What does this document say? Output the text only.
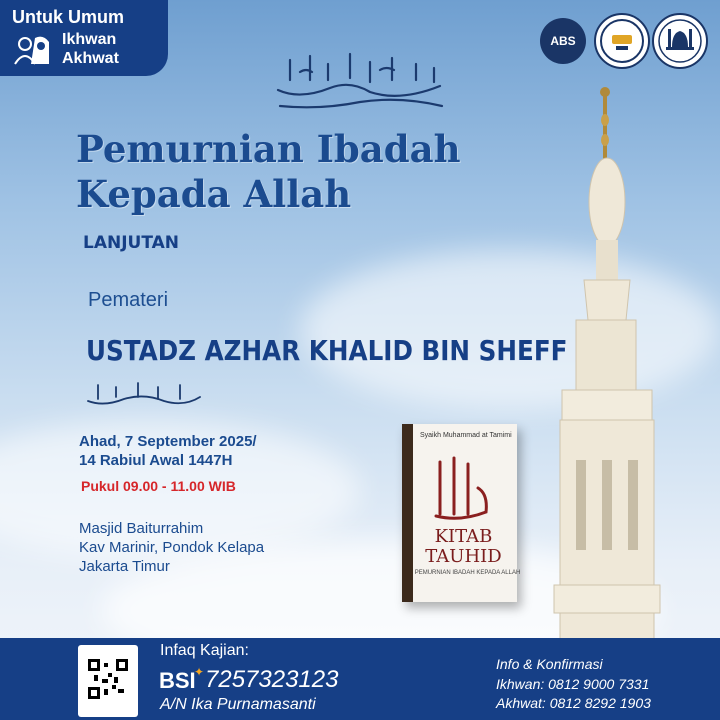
Untuk Umum
Ikhwan
Akhwat
ABS
Pemurnian Ibadah
Kepada Allah
LANJUTAN
Pemateri
USTADZ AZHAR KHALID BIN SHEFF
Ahad, 7 September 2025/
14 Rabiul Awal 1447H
Pukul 09.00 - 11.00 WIB
Masjid Baiturrahim
Kav Marinir, Pondok Kelapa
Jakarta Timur
Syaikh Muhammad at Tamimi
KITAB
TAUHID
PEMURNIAN IBADAH KEPADA ALLAH
Infaq Kajian:
BSI
✦ 7257323123
A/N Ika Purnamasanti
Info & Konfirmasi
Ikhwan: 0812 9000 7331
Akhwat: 0812 8292 1903
